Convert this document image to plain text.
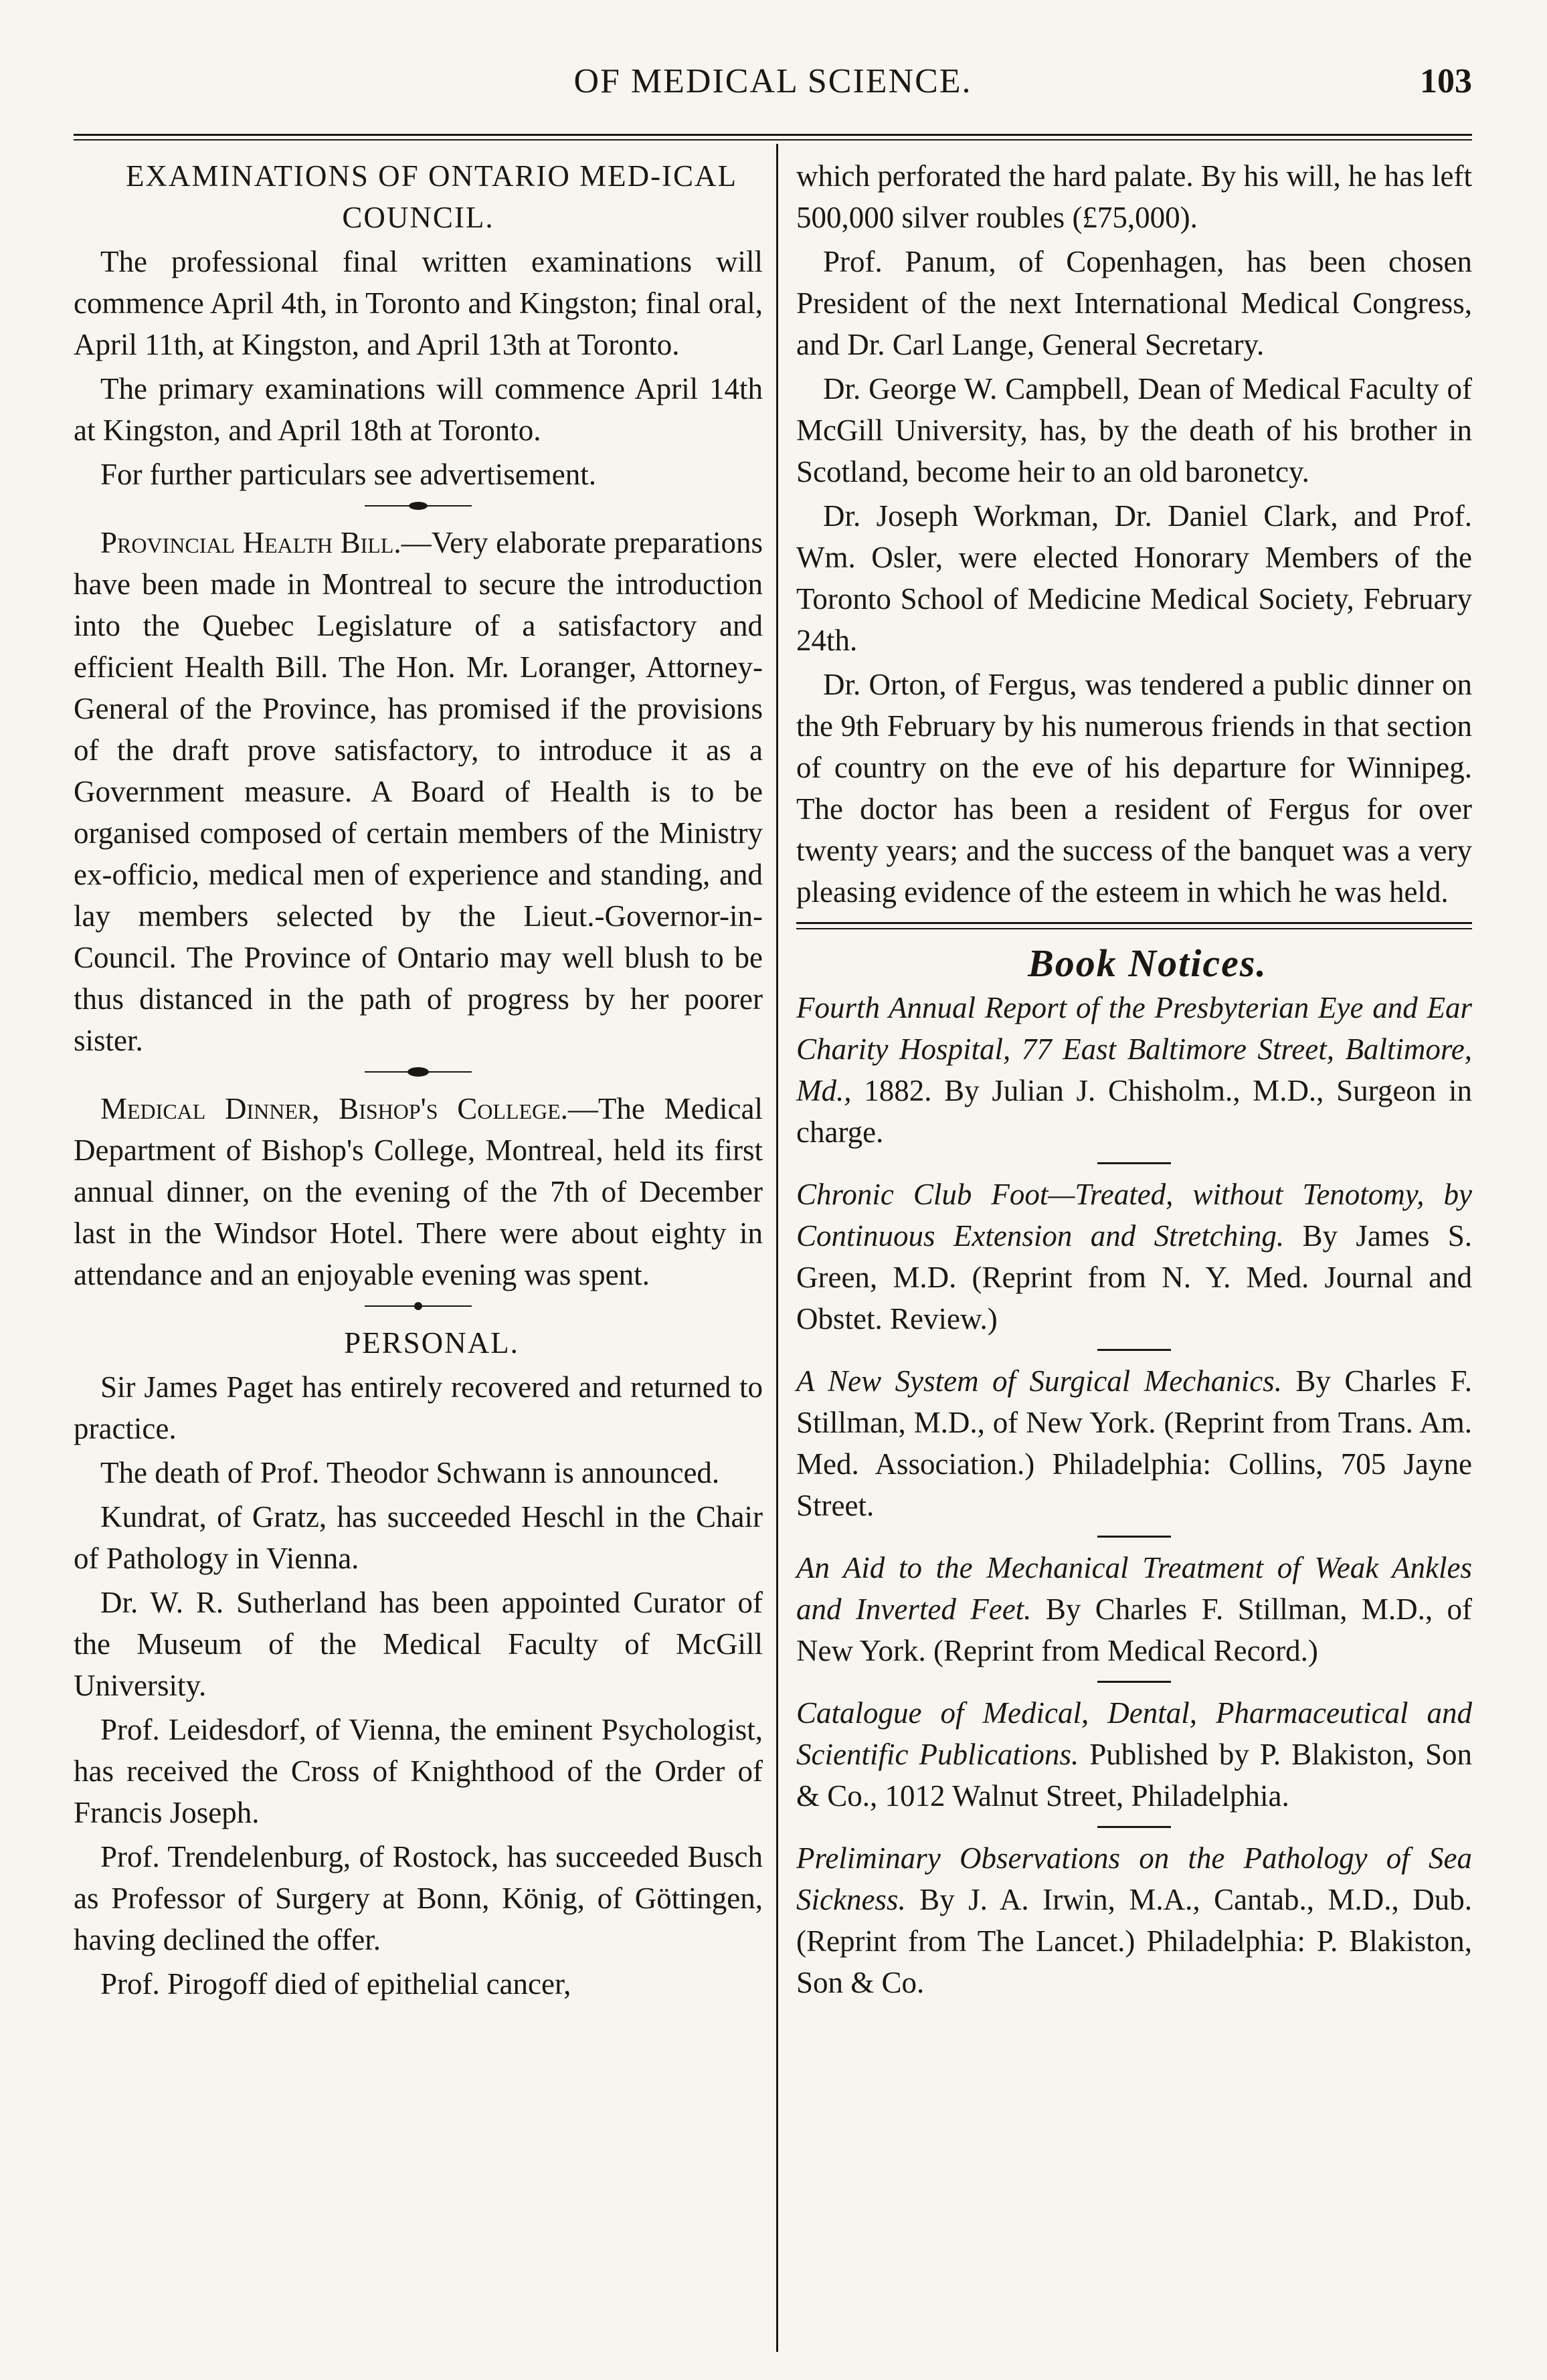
OF MEDICAL SCIENCE.	103

EXAMINATIONS OF ONTARIO MED-ICAL COUNCIL.

The professional final written examinations will commence April 4th, in Toronto and Kingston; final oral, April 11th, at Kingston, and April 13th at Toronto.

The primary examinations will commence April 14th at Kingston, and April 18th at Toronto.

For further particulars see advertisement.

Provincial Health Bill.—Very elaborate preparations have been made in Montreal to secure the introduction into the Quebec Legislature of a satisfactory and efficient Health Bill. The Hon. Mr. Loranger, Attorney-General of the Province, has promised if the provisions of the draft prove satisfactory, to introduce it as a Government measure. A Board of Health is to be organised composed of certain members of the Ministry ex-officio, medical men of experience and standing, and lay members selected by the Lieut.-Governor-in-Council. The Province of Ontario may well blush to be thus distanced in the path of progress by her poorer sister.

Medical Dinner, Bishop's College.—The Medical Department of Bishop's College, Montreal, held its first annual dinner, on the evening of the 7th of December last in the Windsor Hotel. There were about eighty in attendance and an enjoyable evening was spent.

PERSONAL.

Sir James Paget has entirely recovered and returned to practice.

The death of Prof. Theodor Schwann is announced.

Kundrat, of Gratz, has succeeded Heschl in the Chair of Pathology in Vienna.

Dr. W. R. Sutherland has been appointed Curator of the Museum of the Medical Faculty of McGill University.

Prof. Leidesdorf, of Vienna, the eminent Psychologist, has received the Cross of Knighthood of the Order of Francis Joseph.

Prof. Trendelenburg, of Rostock, has succeeded Busch as Professor of Surgery at Bonn, König, of Göttingen, having declined the offer.

Prof. Pirogoff died of epithelial cancer,

which perforated the hard palate. By his will, he has left 500,000 silver roubles (£75,000).

Prof. Panum, of Copenhagen, has been chosen President of the next International Medical Congress, and Dr. Carl Lange, General Secretary.

Dr. George W. Campbell, Dean of Medical Faculty of McGill University, has, by the death of his brother in Scotland, become heir to an old baronetcy.

Dr. Joseph Workman, Dr. Daniel Clark, and Prof. Wm. Osler, were elected Honorary Members of the Toronto School of Medicine Medical Society, February 24th.

Dr. Orton, of Fergus, was tendered a public dinner on the 9th February by his numerous friends in that section of country on the eve of his departure for Winnipeg. The doctor has been a resident of Fergus for over twenty years; and the success of the banquet was a very pleasing evidence of the esteem in which he was held.

Book Notices.

Fourth Annual Report of the Presbyterian Eye and Ear Charity Hospital, 77 East Baltimore Street, Baltimore, Md., 1882. By Julian J. Chisholm., M.D., Surgeon in charge.

Chronic Club Foot—Treated, without Tenotomy, by Continuous Extension and Stretching. By James S. Green, M.D. (Reprint from N. Y. Med. Journal and Obstet. Review.)

A New System of Surgical Mechanics. By Charles F. Stillman, M.D., of New York. (Reprint from Trans. Am. Med. Association.) Philadelphia: Collins, 705 Jayne Street.

An Aid to the Mechanical Treatment of Weak Ankles and Inverted Feet. By Charles F. Stillman, M.D., of New York. (Reprint from Medical Record.)

Catalogue of Medical, Dental, Pharmaceutical and Scientific Publications. Published by P. Blakiston, Son & Co., 1012 Walnut Street, Philadelphia.

Preliminary Observations on the Pathology of Sea Sickness. By J. A. Irwin, M.A., Cantab., M.D., Dub. (Reprint from The Lancet.) Philadelphia: P. Blakiston, Son & Co.
